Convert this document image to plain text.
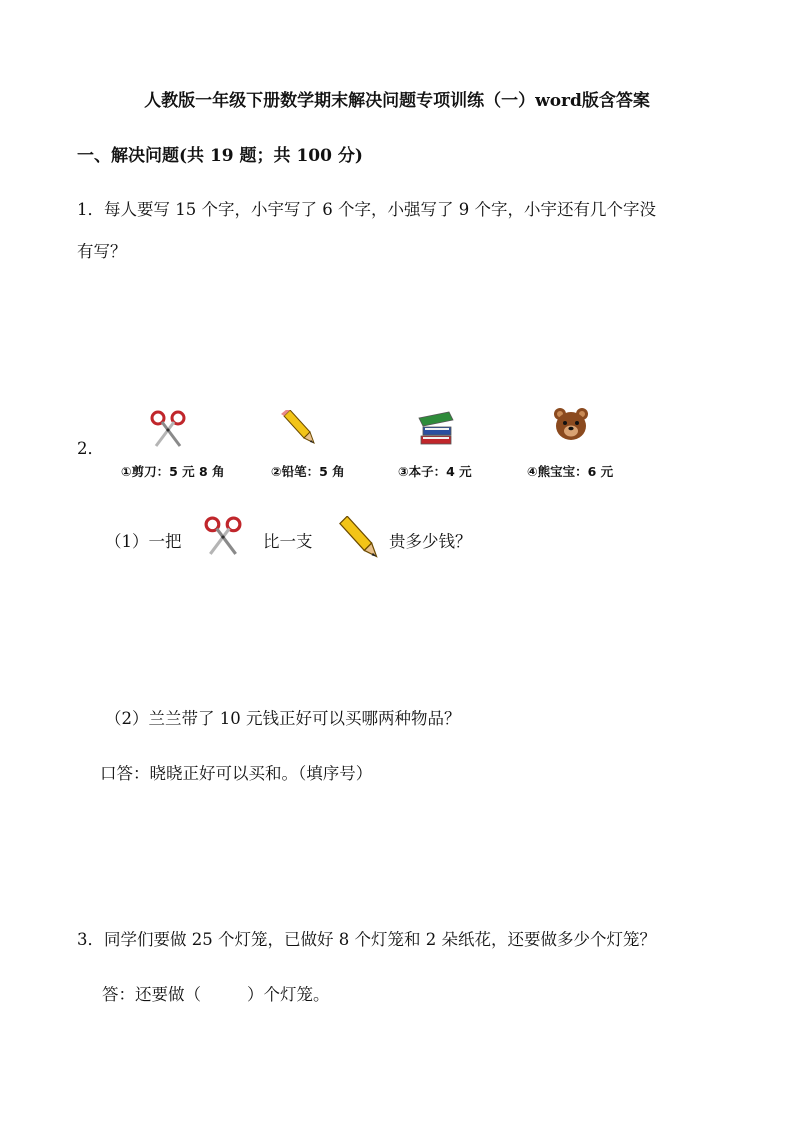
人教版一年级下册数学期末解决问题专项训练（一）word版含答案
一、解决问题(共 19 题；共 100 分)
1．每人要写 15 个字，小宇写了 6 个字，小强写了 9 个字，小宇还有几个字没
有写？
2．
①剪刀：5 元 8 角	②铅笔：5 角	③本子：4 元	④熊宝宝：6 元
（1）一把	比一支	贵多少钱？
（2）兰兰带了 10 元钱正好可以买哪两种物品？
口答：晓晓正好可以买和。（填序号）
3．同学们要做 25 个灯笼，已做好 8 个灯笼和 2 朵纸花，还要做多少个灯笼？
答：还要做（	）个灯笼。
